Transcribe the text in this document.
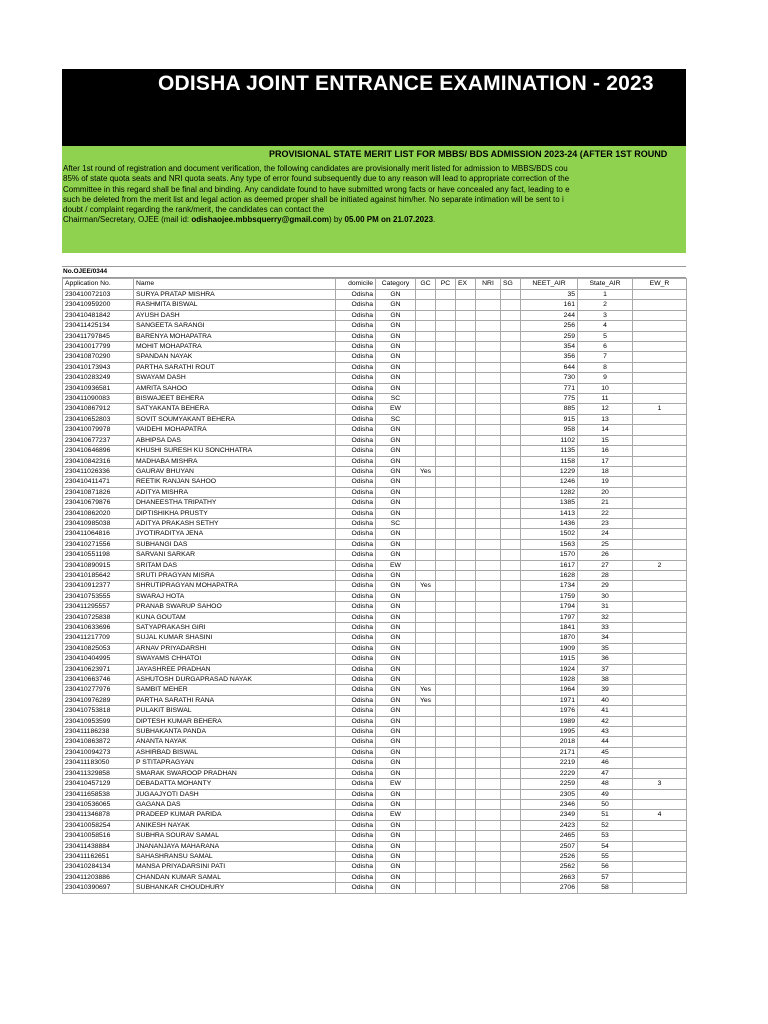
ODISHA JOINT ENTRANCE EXAMINATION - 2023
PROVISIONAL STATE MERIT LIST FOR MBBS/ BDS ADMISSION 2023-24 (AFTER 1ST ROUND
After 1st round of registration and document verification, the following candidates are provisionally merit listed for admission to MBBS/BDS cou
85% of state quota seats and NRI quota seats. Any type of error found subsequently due to any reason will lead to appropriate correction of the
Committee in this regard shall be final and binding. Any candidate found to have submitted wrong facts or have concealed any fact, leading to e
such be deleted from the merit list and legal action as deemed proper shall be initiated against him/her. No separate intimation will be sent to i
doubt / complaint regarding the rank/merit, the candidates can contact the
Chairman/Secretary, OJEE (mail id: odishaojee.mbbsquerry@gmail.com) by 05.00 PM on 21.07.2023.
No.OJEE/0344
Application No.	Name	domicile	Category	GC	PC	EX	NRI	SG	NEET_AIR	State_AIR	EW_R
230410072103	SURYA PRATAP MISHRA	Odisha	GN						35	1	
230410959200	RASHMITA BISWAL	Odisha	GN						161	2	
230410481842	AYUSH DASH	Odisha	GN						244	3	
230411425134	SANGEETA SARANGI	Odisha	GN						256	4	
230411797845	BARENYA MOHAPATRA	Odisha	GN						259	5	
230410017799	MOHIT MOHAPATRA	Odisha	GN						354	6	
230410870290	SPANDAN NAYAK	Odisha	GN						356	7	
230410173943	PARTHA SARATHI ROUT	Odisha	GN						644	8	
230410283249	SWAYAM DASH	Odisha	GN						730	9	
230410936581	AMRITA SAHOO	Odisha	GN						771	10	
230411090083	BISWAJEET BEHERA	Odisha	SC						775	11	
230410867912	SATYAKANTA BEHERA	Odisha	EW						885	12	1
230410652803	SOVIT SOUMYAKANT BEHERA	Odisha	SC						915	13	
230410079978	VAIDEHI MOHAPATRA	Odisha	GN						958	14	
230410677237	ABHIPSA DAS	Odisha	GN						1102	15	
230410646896	KHUSHI SURESH KU SONCHHATRA	Odisha	GN						1135	16	
230410842316	MADHABA MISHRA	Odisha	GN						1158	17	
230411026336	GAURAV BHUYAN	Odisha	GN	Yes					1229	18	
230410411471	REETIK RANJAN SAHOO	Odisha	GN						1246	19	
230410871826	ADITYA MISHRA	Odisha	GN						1282	20	
230410679876	DHANEESTHA TRIPATHY	Odisha	GN						1385	21	
230410862020	DIPTISHIKHA PRUSTY	Odisha	GN						1413	22	
230410985038	ADITYA PRAKASH SETHY	Odisha	SC						1436	23	
230411064816	JYOTIRADITYA JENA	Odisha	GN						1502	24	
230410271556	SUBHANGI DAS	Odisha	GN						1563	25	
230410551198	SARVANI SARKAR	Odisha	GN						1570	26	
230410890915	SRITAM DAS	Odisha	EW						1617	27	2
230410185642	SRUTI PRAGYAN MISRA	Odisha	GN						1628	28	
230410912377	SHRUTIPRAGYAN MOHAPATRA	Odisha	GN	Yes					1734	29	
230410753555	SWARAJ HOTA	Odisha	GN						1759	30	
230411295557	PRANAB SWARUP SAHOO	Odisha	GN						1794	31	
230410725838	KUNA GOUTAM	Odisha	GN						1797	32	
230410633696	SATYAPRAKASH GIRI	Odisha	GN						1841	33	
230411217709	SUJAL KUMAR SHASINI	Odisha	GN						1870	34	
230410825053	ARNAV PRIYADARSHI	Odisha	GN						1909	35	
230410404995	SWAYAMS CHHATOI	Odisha	GN						1915	36	
230410623971	JAYASHREE PRADHAN	Odisha	GN						1924	37	
230410663746	ASHUTOSH DURGAPRASAD NAYAK	Odisha	GN						1928	38	
230410277976	SAMBIT MEHER	Odisha	GN	Yes					1964	39	
230410976289	PARTHA SARATHI RANA	Odisha	GN	Yes					1971	40	
230410753818	PULAKIT BISWAL	Odisha	GN						1976	41	
230410953599	DIPTESH KUMAR BEHERA	Odisha	GN						1989	42	
230411186238	SUBHAKANTA PANDA	Odisha	GN						1995	43	
230410863872	ANANTA NAYAK	Odisha	GN						2018	44	
230410094273	ASHIRBAD BISWAL	Odisha	GN						2171	45	
230411183050	P STITAPRAGYAN	Odisha	GN						2219	46	
230411329858	SMARAK SWAROOP PRADHAN	Odisha	GN						2229	47	
230410457129	DEBADATTA MOHANTY	Odisha	EW						2259	48	3
230411658538	JUGAAJYOTI DASH	Odisha	GN						2305	49	
230410536065	GAGANA DAS	Odisha	GN						2346	50	
230411346878	PRADEEP KUMAR PARIDA	Odisha	EW						2349	51	4
230410058254	ANIKESH NAYAK	Odisha	GN						2423	52	
230410058516	SUBHRA SOURAV SAMAL	Odisha	GN						2465	53	
230411438884	JNANANJAYA MAHARANA	Odisha	GN						2507	54	
230411162651	SAHASHRANSU SAMAL	Odisha	GN						2526	55	
230410284134	MANSA PRIYADARSINI PATI	Odisha	GN						2562	56	
230411203886	CHANDAN KUMAR SAMAL	Odisha	GN						2663	57	
230410390697	SUBHANKAR CHOUDHURY	Odisha	GN						2706	58	
